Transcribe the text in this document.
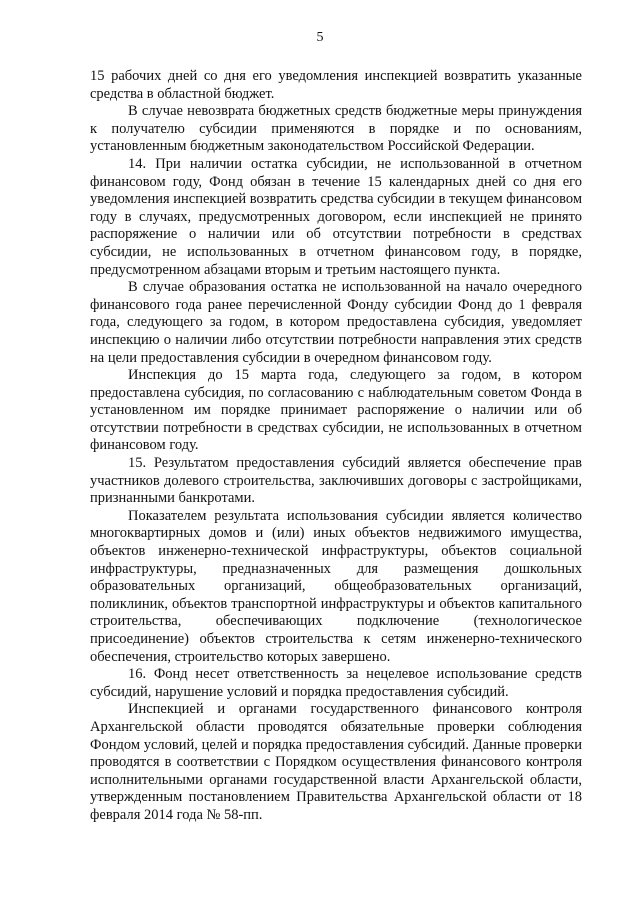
5

15 рабочих дней со дня его уведомления инспекцией возвратить указанные средства в областной бюджет.

В случае невозврата бюджетных средств бюджетные меры принуждения к получателю субсидии применяются в порядке и по основаниям, установленным бюджетным законодательством Российской Федерации.

14. При наличии остатка субсидии, не использованной в отчетном финансовом году, Фонд обязан в течение 15 календарных дней со дня его уведомления инспекцией возвратить средства субсидии в текущем финансовом году в случаях, предусмотренных договором, если инспекцией не принято распоряжение о наличии или об отсутствии потребности в средствах субсидии, не использованных в отчетном финансовом году, в порядке, предусмотренном абзацами вторым и третьим настоящего пункта.

В случае образования остатка не использованной на начало очередного финансового года ранее перечисленной Фонду субсидии Фонд до 1 февраля года, следующего за годом, в котором предоставлена субсидия, уведомляет инспекцию о наличии либо отсутствии потребности направления этих средств на цели предоставления субсидии в очередном финансовом году.

Инспекция до 15 марта года, следующего за годом, в котором предоставлена субсидия, по согласованию с наблюдательным советом Фонда в установленном им порядке принимает распоряжение о наличии или об отсутствии потребности в средствах субсидии, не использованных в отчетном финансовом году.

15. Результатом предоставления субсидий является обеспечение прав участников долевого строительства, заключивших договоры с застройщиками, признанными банкротами.

Показателем результата использования субсидии является количество многоквартирных домов и (или) иных объектов недвижимого имущества, объектов инженерно-технической инфраструктуры, объектов социальной инфраструктуры, предназначенных для размещения дошкольных образовательных организаций, общеобразовательных организаций, поликлиник, объектов транспортной инфраструктуры и объектов капитального строительства, обеспечивающих подключение (технологическое присоединение) объектов строительства к сетям инженерно-технического обеспечения, строительство которых завершено.

16. Фонд несет ответственность за нецелевое использование средств субсидий, нарушение условий и порядка предоставления субсидий.

Инспекцией и органами государственного финансового контроля Архангельской области проводятся обязательные проверки соблюдения Фондом условий, целей и порядка предоставления субсидий. Данные проверки проводятся в соответствии с Порядком осуществления финансового контроля исполнительными органами государственной власти Архангельской области, утвержденным постановлением Правительства Архангельской области от 18 февраля 2014 года № 58-пп.
